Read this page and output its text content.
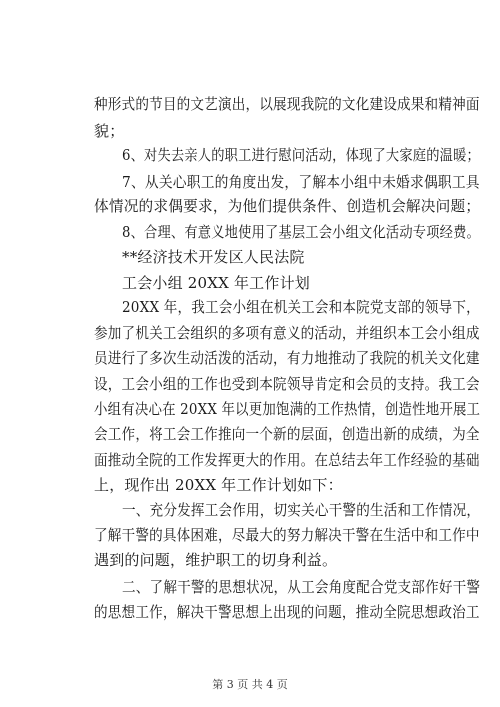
种形式的节目的文艺演出，以展现我院的文化建设成果和精神面
貌；
6、对失去亲人的职工进行慰问活动，体现了大家庭的温暖；
7、从关心职工的角度出发，了解本小组中未婚求偶职工具
体情况的求偶要求，为他们提供条件、创造机会解决问题；
8、合理、有意义地使用了基层工会小组文化活动专项经费。
**经济技术开发区人民法院
工会小组 20XX 年工作计划
20XX 年，我工会小组在机关工会和本院党支部的领导下，
参加了机关工会组织的多项有意义的活动，并组织本工会小组成
员进行了多次生动活泼的活动，有力地推动了我院的机关文化建
设，工会小组的工作也受到本院领导肯定和会员的支持。我工会
小组有决心在 20XX 年以更加饱满的工作热情，创造性地开展工
会工作，将工会工作推向一个新的层面，创造出新的成绩，为全
面推动全院的工作发挥更大的作用。在总结去年工作经验的基础
上，现作出 20XX 年工作计划如下：
一、充分发挥工会作用，切实关心干警的生活和工作情况，
了解干警的具体困难，尽最大的努力解决干警在生活中和工作中
遇到的问题，维护职工的切身利益。
二、了解干警的思想状况，从工会角度配合党支部作好干警
的思想工作，解决干警思想上出现的问题，推动全院思想政治工
第 3 页 共 4 页
